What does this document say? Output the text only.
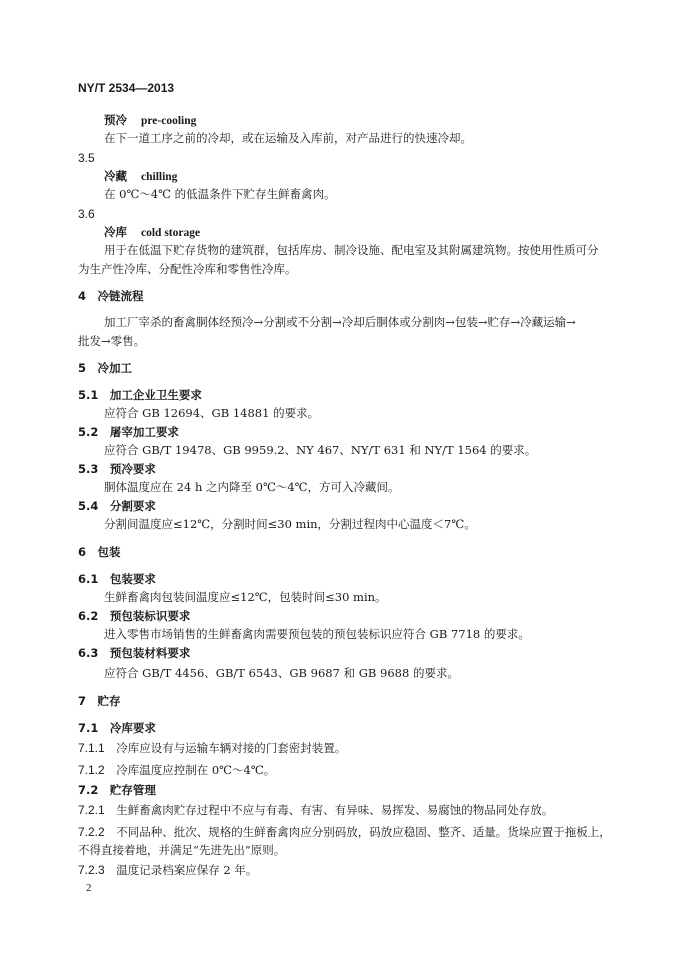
NY/T 2534—2013
预冷 pre-cooling
在下一道工序之前的冷却，或在运输及入库前，对产品进行的快速冷却。
3.5
冷藏 chilling
在 0℃～4℃ 的低温条件下贮存生鲜畜禽肉。
3.6
冷库 cold storage
用于在低温下贮存货物的建筑群，包括库房、制冷设施、配电室及其附属建筑物。按使用性质可分
为生产性冷库、分配性冷库和零售性冷库。
4　冷链流程
加工厂宰杀的畜禽胴体经预冷→分割或不分割→冷却后胴体或分割肉→包装→贮存→冷藏运输→
批发→零售。
5　冷加工
5.1　 加工企业卫生要求
应符合 GB 12694、GB 14881 的要求。
5.2　 屠宰加工要求
应符合 GB/T 19478、GB 9959.2、NY 467、NY/T 631 和 NY/T 1564 的要求。
5.3　 预冷要求
胴体温度应在 24 h 之内降至 0℃～4℃，方可入冷藏间。
5.4　 分割要求
分割间温度应≤12℃，分割时间≤30 min，分割过程肉中心温度＜7℃。
6　包装
6.1　 包装要求
生鲜畜禽肉包装间温度应≤12℃，包装时间≤30 min。
6.2　 预包装标识要求
进入零售市场销售的生鲜畜禽肉需要预包装的预包装标识应符合 GB 7718 的要求。
6.3　 预包装材料要求
应符合 GB/T 4456、GB/T 6543、GB 9687 和 GB 9688 的要求。
7　贮存
7.1　 冷库要求
7.1.1　 冷库应设有与运输车辆对接的门套密封装置。
7.1.2　 冷库温度应控制在 0℃～4℃。
7.2　 贮存管理
7.2.1　 生鲜畜禽肉贮存过程中不应与有毒、有害、有异味、易挥发、易腐蚀的物品同处存放。
7.2.2　 不同品种、批次、规格的生鲜畜禽肉应分别码放，码放应稳固、整齐、适量。货垛应置于拖板上，
不得直接着地，并满足“先进先出”原则。
7.2.3　 温度记录档案应保存 2 年。
2
